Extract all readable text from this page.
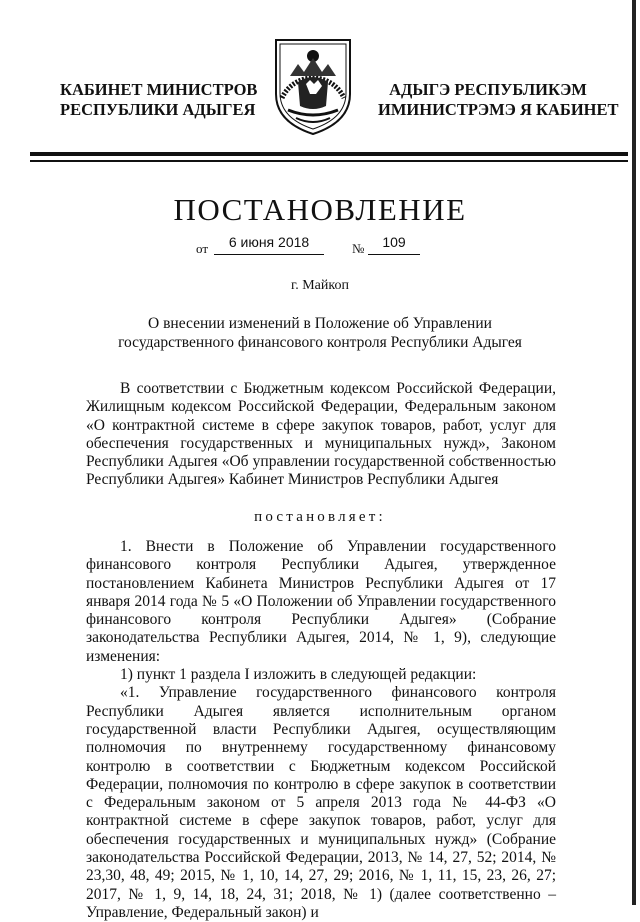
КАБИНЕТ МИНИСТРОВ
РЕСПУБЛИКИ АДЫГЕЯ
АДЫГЭ РЕСПУБЛИКЭМ
ИМИНИСТРЭМЭ Я КАБИНЕТ
ПОСТАНОВЛЕНИЕ
от	6 июня 2018	№	109
г. Майкоп
О внесении изменений в Положение об Управлении государственного финансового контроля Республики Адыгея

В соответствии с Бюджетным кодексом Российской Федерации, Жилищным кодексом Российской Федерации, Федеральным законом «О контрактной системе в сфере закупок товаров, работ, услуг для обеспечения государственных и муниципальных нужд», Законом Республики Адыгея «Об управлении государственной собственностью Республики Адыгея» Кабинет Министров Республики Адыгея

постановляет:

1. Внести в Положение об Управлении государственного финансового контроля Республики Адыгея, утвержденное постановлением Кабинета Министров Республики Адыгея от 17 января 2014 года № 5 «О Положении об Управлении государственного финансового контроля Республики Адыгея» (Собрание законодательства Республики Адыгея, 2014, № 1, 9), следующие изменения:

1) пункт 1 раздела I изложить в следующей редакции:

«1. Управление государственного финансового контроля Республики Адыгея является исполнительным органом государственной власти Республики Адыгея, осуществляющим полномочия по внутреннему государственному финансовому контролю в соответствии с Бюджетным кодексом Российской Федерации, полномочия по контролю в сфере закупок в соответствии с Федеральным законом от 5 апреля 2013 года № 44-ФЗ «О контрактной системе в сфере закупок товаров, работ, услуг для обеспечения государственных и муниципальных нужд» (Собрание законодательства Российской Федерации, 2013, № 14, 27, 52; 2014, № 23,30, 48, 49; 2015, № 1, 10, 14, 27, 29; 2016, № 1, 11, 15, 23, 26, 27; 2017, № 1, 9, 14, 18, 24, 31; 2018, № 1) (далее соответственно – Управление, Федеральный закон) и
